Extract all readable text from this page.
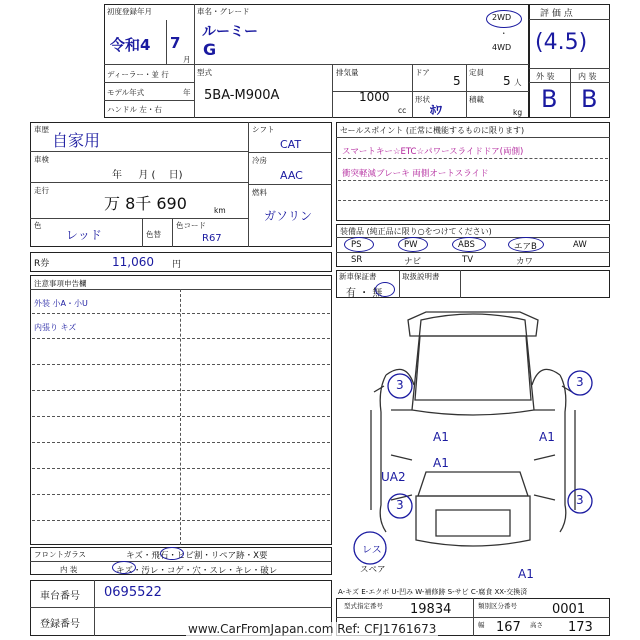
初度登録年月
令和4 7
月
車名・グレード
ルーミー
G
2WD
・
4WD
ディーラー・並 行
モデル年式	年
ハンドル 左・右
型式
5BA-M900A
排気量
1000
cc
ドア
5
定員
5 人
形状
ﾎﾜ
積載
kg
評 価 点
(4.5)
外 装	内 装
B B
車歴
自家用
車検
年 　 月 (　 日)
走行
万 8千 690	km
色
レッド	色替
色コード
R67
シフト
CAT
冷房
AAC
燃料
ガソリン
R券	11,060 円
セールスポイント (正常に機能するものに限ります)
スマートキー☆ETC☆パワースライドドア(両側)
衝突軽減ブレーキ 両側オートスライド
装備品 (純正品に限り○をつけてください)
PS	PW	ABS	エアB	AW
SR	ナビ	TV	カワ
新車保証書
有 ・ 無
取扱説明書
注意事項申告欄
外装 小A・小U
内張り キズ
フロントガラス	キズ・飛石・ヒビ割・リペア跡・X要
内 装	キズ・汚レ・コゲ・穴・スレ・キレ・破レ
車台番号 0695522
登録番号
3	3
A1	A1
A1
UA2
3	3
A1
レス
スペア
A-キズ E-エクボ U-凹み W-補修跡 S-サビ C-腐食 XX-交換済
型式指定番号 19834	類別区分番号	0001
幅 167 高さ 173
www.CarFromJapan.com Ref: CFJ1761673
